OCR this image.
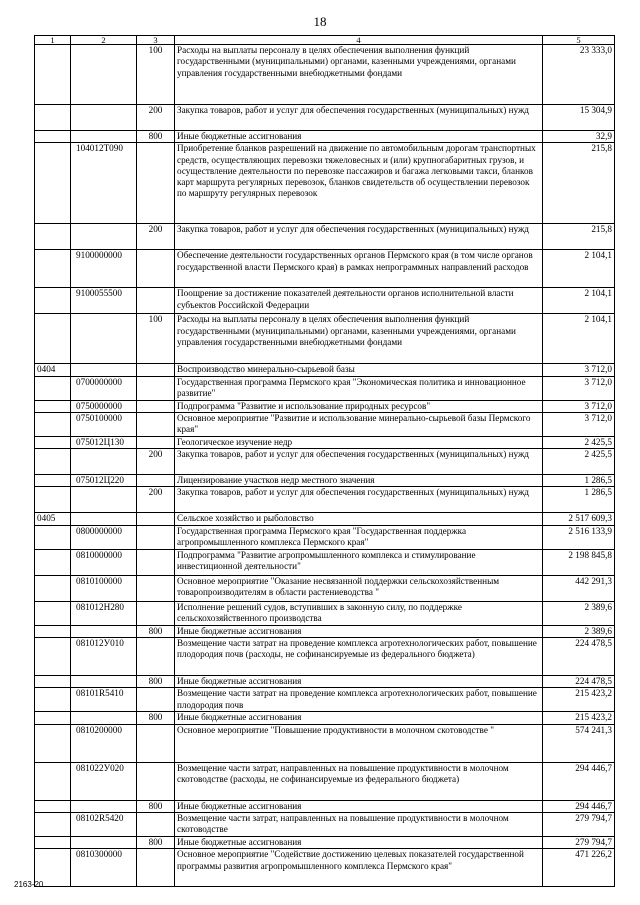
18
1	2	3	4	5
		100	Расходы на выплаты персоналу в целях обеспечения выполнения функций государственными (муниципальными) органами, казенными учреждениями, органами управления государственными внебюджетными фондами	23 333,0
		200	Закупка товаров, работ и услуг для обеспечения государственных (муниципальных) нужд	15 304,9
		800	Иные бюджетные ассигнования	32,9
	104012Т090		Приобретение бланков разрешений на движение по автомобильным дорогам транспортных средств, осуществляющих перевозки тяжеловесных и (или) крупногабаритных грузов, и осуществление деятельности по перевозке пассажиров и багажа легковыми такси, бланков карт маршрута регулярных перевозок, бланков свидетельств об осуществлении перевозок по маршруту регулярных перевозок	215,8
		200	Закупка товаров, работ и услуг для обеспечения государственных (муниципальных) нужд	215,8
	9100000000		Обеспечение деятельности государственных органов Пермского края (в том числе органов государственной власти Пермского края) в рамках непрограммных направлений расходов	2 104,1
	9100055500		Поощрение за достижение показателей деятельности органов исполнительной власти субъектов Российской Федерации	2 104,1
		100	Расходы на выплаты персоналу в целях обеспечения выполнения функций государственными (муниципальными) органами, казенными учреждениями, органами управления государственными внебюджетными фондами	2 104,1
0404			Воспроизводство минерально-сырьевой базы	3 712,0
	0700000000		Государственная программа Пермского края "Экономическая политика и инновационное развитие"	3 712,0
	0750000000		Подпрограмма "Развитие и использование природных ресурсов"	3 712,0
	0750100000		Основное мероприятие "Развитие и использование минерально-сырьевой базы Пермского края"	3 712,0
	075012Ц130		Геологическое изучение недр	2 425,5
		200	Закупка товаров, работ и услуг для обеспечения государственных (муниципальных) нужд	2 425,5
	075012Ц220		Лицензирование участков недр местного значения	1 286,5
		200	Закупка товаров, работ и услуг для обеспечения государственных (муниципальных) нужд	1 286,5
0405			Сельское хозяйство и рыболовство	2 517 609,3
	0800000000		Государственная программа Пермского края "Государственная поддержка агропромышленного комплекса Пермского края"	2 516 133,9
	0810000000		Подпрограмма "Развитие агропромышленного комплекса и стимулирование инвестиционной деятельности"	2 198 845,8
	0810100000		Основное мероприятие "Оказание несвязанной поддержки сельскохозяйственным товаропроизводителям в области растениеводства "	442 291,3
	081012Н280		Исполнение решений судов, вступивших в законную силу, по поддержке сельскохозяйственного производства	2 389,6
		800	Иные бюджетные ассигнования	2 389,6
	081012У010		Возмещение части затрат на проведение комплекса агротехнологических работ, повышение плодородия почв (расходы, не софинансируемые из федерального бюджета)	224 478,5
		800	Иные бюджетные ассигнования	224 478,5
	08101R5410		Возмещение части затрат на проведение комплекса агротехнологических работ, повышение плодородия почв	215 423,2
		800	Иные бюджетные ассигнования	215 423,2
	0810200000		Основное мероприятие "Повышение продуктивности в молочном скотоводстве "	574 241,3
	081022У020		Возмещение части затрат, направленных на повышение продуктивности в молочном скотоводстве (расходы, не софинансируемые из федерального бюджета)	294 446,7
		800	Иные бюджетные ассигнования	294 446,7
	08102R5420		Возмещение части затрат, направленных на повышение продуктивности в молочном скотоводстве	279 794,7
		800	Иные бюджетные ассигнования	279 794,7
	0810300000		Основное мероприятие "Содействие достижению целевых показателей государственной программы развития агропромышленного комплекса Пермского края"	471 226,2
2163-20
